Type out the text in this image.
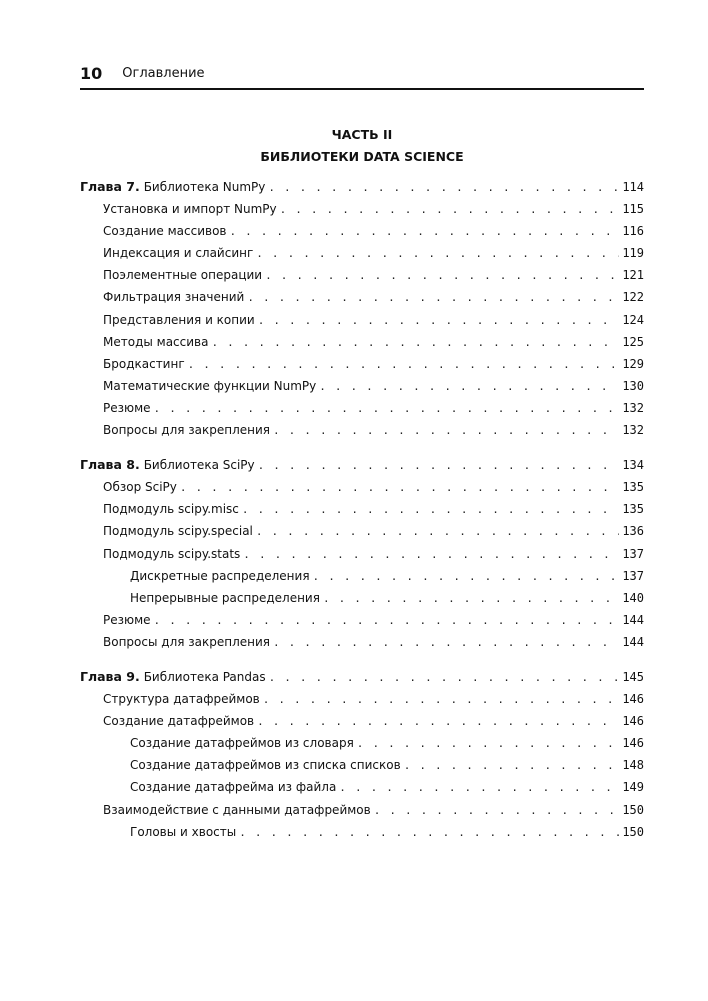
10 Оглавление
ЧАСТЬ II
БИБЛИОТЕКИ DATA SCIENCE
Глава 7. Библиотека NumPy . . .	114
Установка и импорт NumPy . . .	115
Создание массивов . . .	116
Индексация и слайсинг . . .	119
Поэлементные операции . . .	121
Фильтрация значений . . .	122
Представления и копии . . .	124
Методы массива . . .	125
Бродкастинг . . .	129
Математические функции NumPy . . .	130
Резюме . . .	132
Вопросы для закрепления . . .	132
Глава 8. Библиотека SciPy . . .	134
Обзор SciPy . . .	135
Подмодуль scipy.misc . . .	135
Подмодуль scipy.special . . .	136
Подмодуль scipy.stats . . .	137
Дискретные распределения . . .	137
Непрерывные распределения . . .	140
Резюме . . .	144
Вопросы для закрепления . . .	144
Глава 9. Библиотека Pandas . . .	145
Структура датафреймов . . .	146
Создание датафреймов . . .	146
Создание датафреймов из словаря . . .	146
Создание датафреймов из списка списков . . .	148
Создание датафрейма из файла . . .	149
Взаимодействие с данными датафреймов . . .	150
Головы и хвосты . . .	150
